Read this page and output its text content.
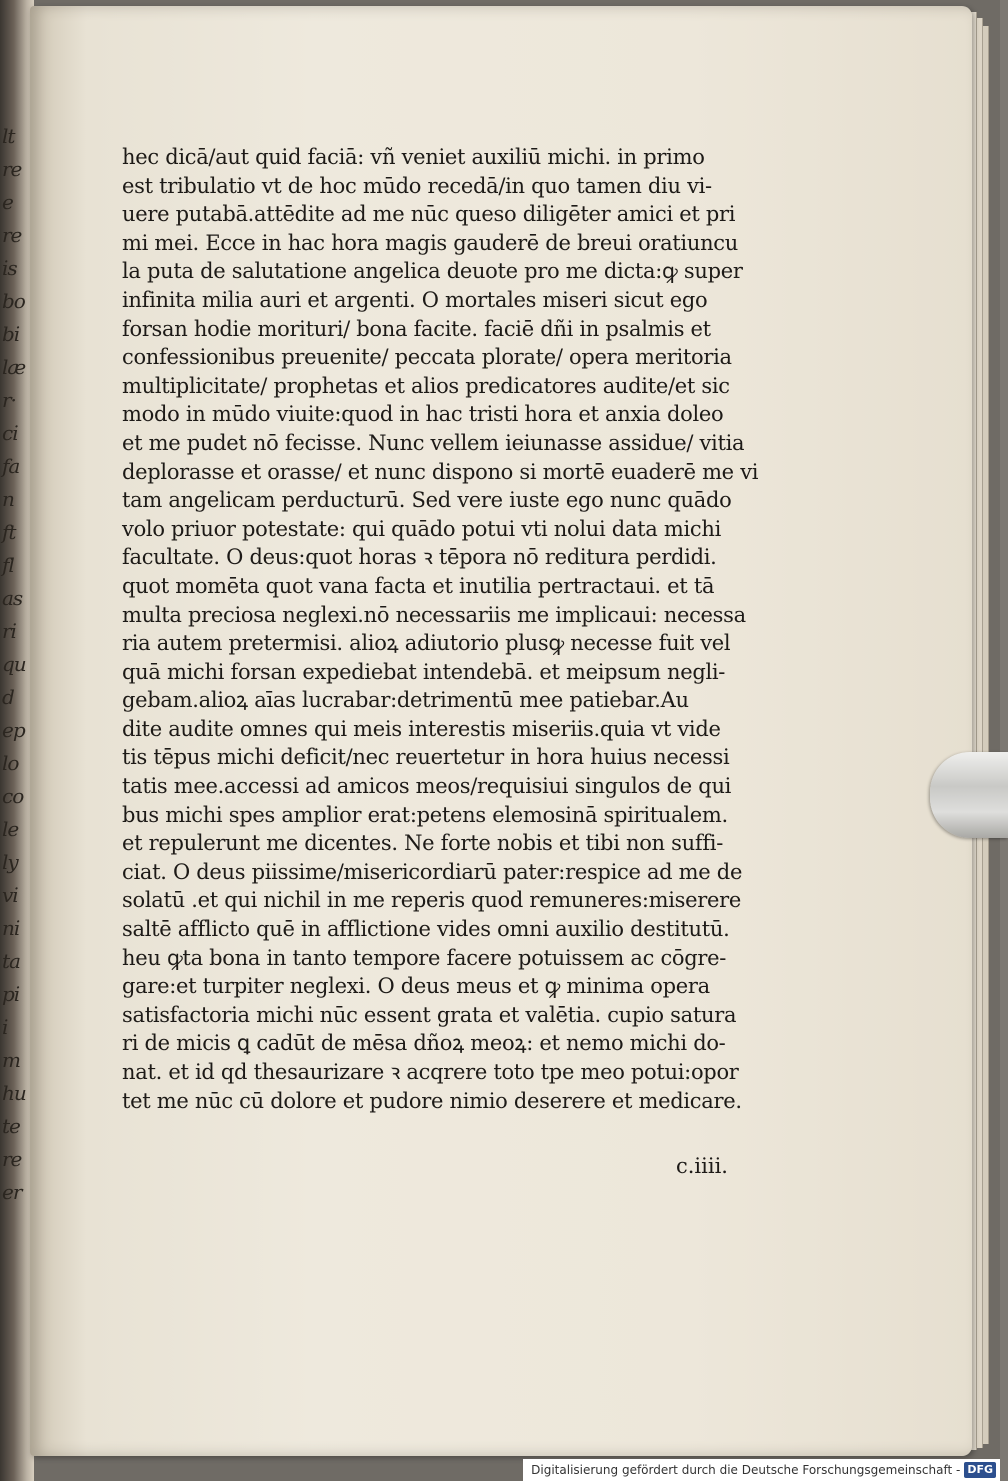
lt
re
e
re
is
bo
bi
læ
r·
ci
fa
n
ft
fl
as
ri
qu
d
ep
lo
co
le
ly
vi
ni
ta
pi
i
m
hu
te
re
er
hec dicā/aut quid faciā: vñ veniet auxiliū michi. in primo
est tribulatio vt de hoc mūdo recedā/in quo tamen diu vi-
uere putabā.attēdite ad me nūc queso diligēter amici et pri
mi mei. Ecce in hac hora magis gauderē de breui oratiuncu
la puta de salutatione angelica deuote pro me dicta:ꝙ super
infinita milia auri et argenti. O mortales miseri sicut ego
forsan hodie morituri/ bona facite. faciē dñi in psalmis et
confessionibus preuenite/ peccata plorate/ opera meritoria
multiplicitate/ prophetas et alios predicatores audite/et sic
modo in mūdo viuite:quod in hac tristi hora et anxia doleo
et me pudet nō fecisse. Nunc vellem ieiunasse assidue/ vitia
deplorasse et orasse/ et nunc dispono si mortē euaderē me vi
tam angelicam perducturū. Sed vere iuste ego nunc quādo
volo priuor potestate: qui quādo potui vti nolui data michi
facultate. O deus:quot horas ꝛ tēpora nō reditura perdidi.
quot momēta quot vana facta et inutilia pertractaui. et tā
multa preciosa neglexi.nō necessariis me implicaui: necessa
ria autem pretermisi. alioꝝ adiutorio plusꝙ necesse fuit vel
quā michi forsan expediebat intendebā. et meipsum negli-
gebam.alioꝝ aīas lucrabar:detrimentū mee patiebar.Au
dite audite omnes qui meis interestis miseriis.quia vt vide
tis tēpus michi deficit/nec reuertetur in hora huius necessi
tatis mee.accessi ad amicos meos/requisiui singulos de qui
bus michi spes amplior erat:petens elemosinā spiritualem.
et repulerunt me dicentes. Ne forte nobis et tibi non suffi-
ciat. O deus piissime/misericordiarū pater:respice ad me de
solatū .et qui nichil in me reperis quod remuneres:miserere
saltē afflicto quē in afflictione vides omni auxilio destitutū.
heu ꝙta bona in tanto tempore facere potuissem ac cōgre-
gare:et turpiter neglexi. O deus meus et ꝙ minima opera
satisfactoria michi nūc essent grata et valētia. cupio satura
ri de micis ꝗ cadūt de mēsa dñoꝝ meoꝝ: et nemo michi do-
nat. et id qd thesaurizare ꝛ acqrere toto tpe meo potui:opor
tet me nūc cū dolore et pudore nimio deserere et medicare.
c.iiii.
Digitalisierung gefördert durch die Deutsche Forschungsgemeinschaft - DFG
